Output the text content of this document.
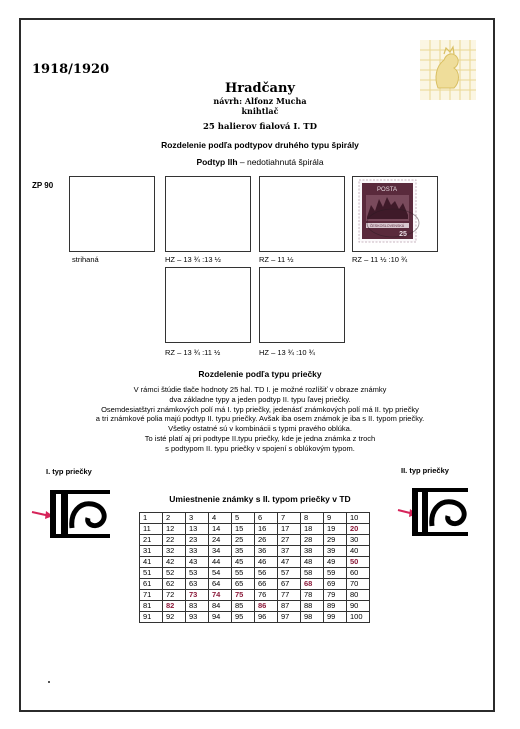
1918/1920
Hradčany
návrh: Alfonz Mucha
knihtlač
25 halierov fialová I. TD
Rozdelenie podľa podtypov druhého typu špirály
Podtyp IIh – nedotiahnutá špirála
ZP 90	POSTA
ČESKOSLOVENSKÁ
25
strihaná	HZ – 13 ¾ :13 ½	RZ – 11 ½	RZ – 11 ½ :10 ¾
RZ – 13 ¾ :11 ½	HZ – 13 ¾ :10 ¾
Rozdelenie podľa typu priečky
V rámci štúdie tlače hodnoty 25 hal. TD I. je možné rozlíšiť v obraze známky
dva základne typy a jeden podtyp II. typu ľavej priečky.
Osemdesiatštyri známkových polí má I. typ priečky, jedenásť známkových polí má II. typ priečky
a tri známkové polia majú podtyp II. typu priečky. Avšak iba osem známok je iba s II. typom priečky.
Všetky ostatné sú v kombinácii s typmi pravého oblúka.
To isté platí aj pri podtype II.typu priečky, kde je jedna známka z troch
s podtypom II. typu priečky v spojení s oblúkovým typom.
I. typ priečky	II. typ priečky
Umiestnenie známky s II. typom priečky v TD
1	2	3	4	5	6	7	8	9	10
11	12	13	14	15	16	17	18	19	20
21	22	23	24	25	26	27	28	29	30
31	32	33	34	35	36	37	38	39	40
41	42	43	44	45	46	47	48	49	50
51	52	53	54	55	56	57	58	59	60
61	62	63	64	65	66	67	68	69	70
71	72	73	74	75	76	77	78	79	80
81	82	83	84	85	86	87	88	89	90
91	92	93	94	95	96	97	98	99	100
